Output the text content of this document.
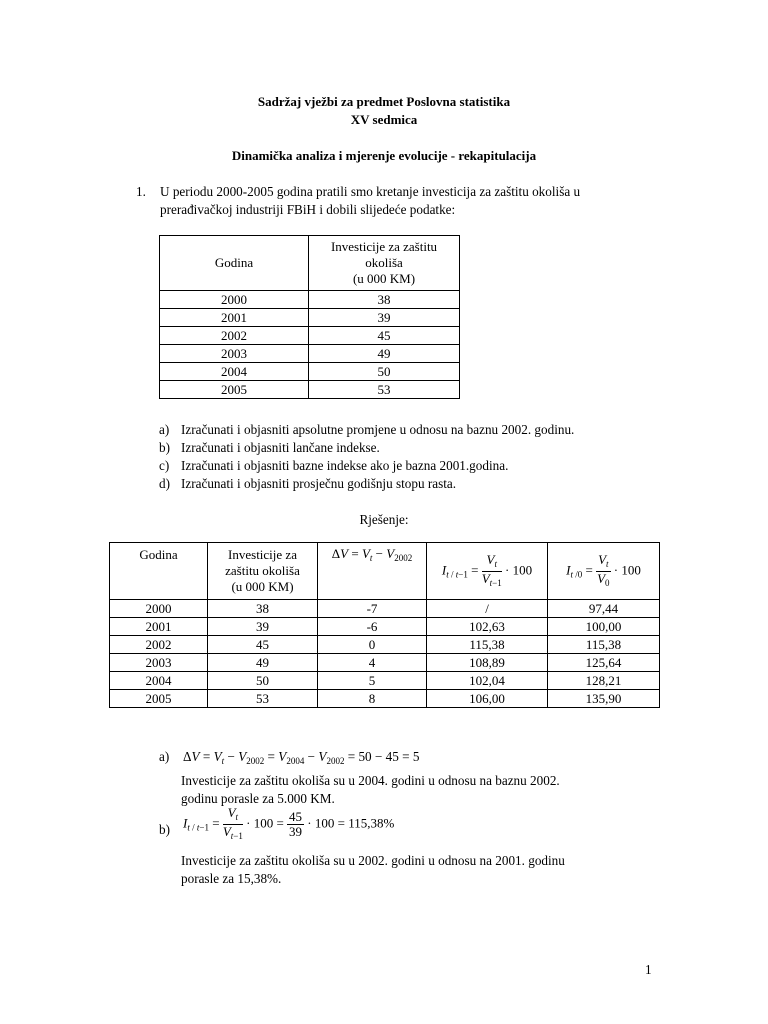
Sadržaj vježbi za predmet Poslovna statistika
XV sedmica
Dinamička analiza i mjerenje evolucije - rekapitulacija
1. U periodu 2000-2005 godina pratili smo kretanje investicija za zaštitu okoliša u
prerađivačkoj industriji FBiH i dobili slijedeće podatke:
Godina	Investicije za zaštitu
okoliša
(u 000 KM)
2000	38
2001	39
2002	45
2003	49
2004	50
2005	53
a) Izračunati i objasniti apsolutne promjene u odnosu na baznu 2002. godinu.
b) Izračunati i objasniti lančane indekse.
c) Izračunati i objasniti bazne indekse ako je bazna 2001.godina.
d) Izračunati i objasniti prosječnu godišnju stopu rasta.
Rješenje:
Godina	Investicije za
zaštitu okoliša
(u 000 KM)	$\Delta V = V_t - V_{2002}$	$I_{t / t-1} = \frac{V_t}{V_{t-1}} \cdot 100$	$I_{t /0} = \frac{V_t}{V_0} \cdot 100$
2000	38	-7	/	97,44
2001	39	-6	102,63	100,00
2002	45	0	115,38	115,38
2003	49	4	108,89	125,64
2004	50	5	102,04	128,21
2005	53	8	106,00	135,90
a) $\Delta V = V_t - V_{2002} = V_{2004} - V_{2002} = 50 - 45 = 5$
Investicije za zaštitu okoliša su u 2004. godini u odnosu na baznu 2002.
godinu porasle za 5.000 KM.
b) $I_{t / t-1} = \frac{V_t}{V_{t-1}} \cdot 100 = \frac{45}{39} \cdot 100 = 115,38\%$
Investicije za zaštitu okoliša su u 2002. godini u odnosu na 2001. godinu
porasle za 15,38%.
1
